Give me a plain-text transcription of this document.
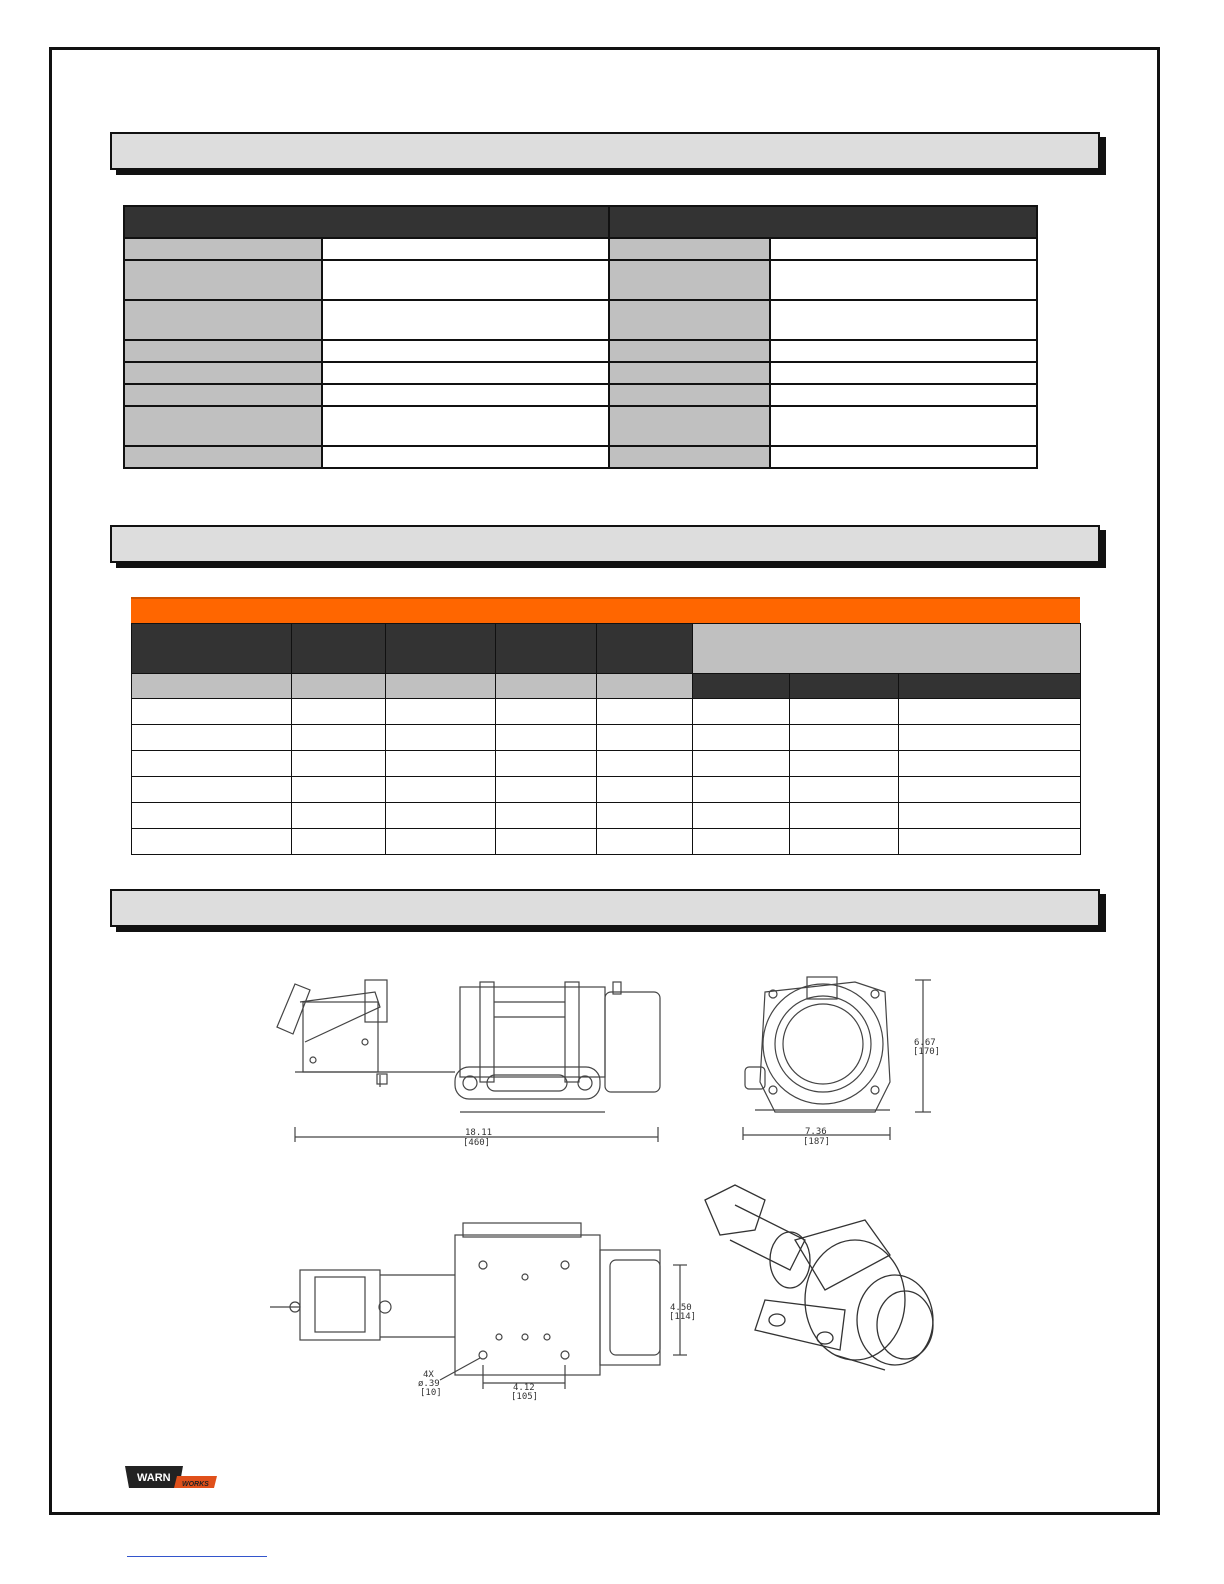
18.11
[460]
6.67
[170]
7.36
[187]
4.50
[114]
4.12
[105]
4X
ø.39
[10]
WARN
WORKS
